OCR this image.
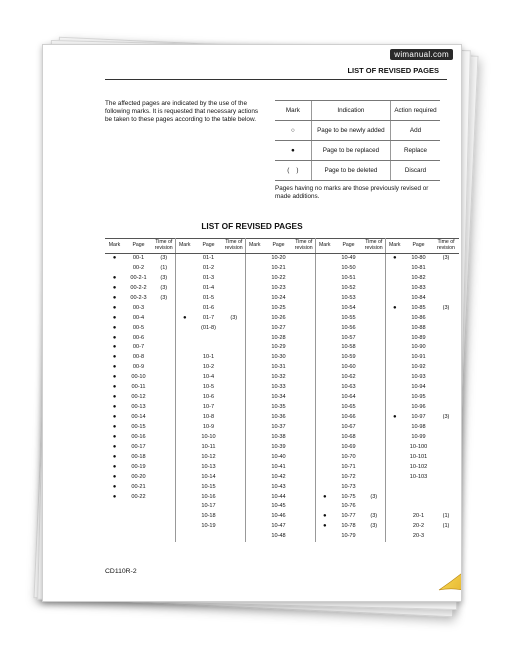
wimanual.com
LIST OF REVISED PAGES
The affected pages are indicated by the use of the following marks. It is requested that necessary actions be taken to these pages according to the table below.
Mark	Indication	Action required
○	Page to be newly added	Add
●	Page to be replaced	Replace
(    )	Page to be deleted	Discard
Pages having no marks are those previously revised or made additions.
LIST OF REVISED PAGES
Mark	Page	Time of revision	Mark	Page	Time of revision	Mark	Page	Time of revision	Mark	Page	Time of revision	Mark	Page	Time of revision
●	00-1	(3)		01-1			10-20			10-49		●	10-80	(3)
	00-2	(1)		01-2			10-21			10-50			10-81	
●	00-2-1	(3)		01-3			10-22			10-51			10-82	
●	00-2-2	(3)		01-4			10-23			10-52			10-83	
●	00-2-3	(3)		01-5			10-24			10-53			10-84	
●	00-3			01-6			10-25			10-54		●	10-85	(3)
●	00-4		●	01-7	(3)		10-26			10-55			10-86	
●	00-5			(01-8)			10-27			10-56			10-88	
●	00-6						10-28			10-57			10-89	
●	00-7						10-29			10-58			10-90	
●	00-8			10-1			10-30			10-59			10-91	
●	00-9			10-2			10-31			10-60			10-92	
●	00-10			10-4			10-32			10-62			10-93	
●	00-11			10-5			10-33			10-63			10-94	
●	00-12			10-6			10-34			10-64			10-95	
●	00-13			10-7			10-35			10-65			10-96	
●	00-14			10-8			10-36			10-66		●	10-97	(3)
●	00-15			10-9			10-37			10-67			10-98	
●	00-16			10-10			10-38			10-68			10-99	
●	00-17			10-11			10-39			10-69			10-100	
●	00-18			10-12			10-40			10-70			10-101	
●	00-19			10-13			10-41			10-71			10-102	
●	00-20			10-14			10-42			10-72			10-103	
●	00-21			10-15			10-43			10-73				
●	00-22			10-16			10-44		●	10-75	(3)			
				10-17			10-45			10-76				
				10-18			10-46		●	10-77	(3)		20-1	(1)
				10-19			10-47		●	10-78	(3)		20-2	(1)
							10-48			10-79			20-3	
CD110R-2
